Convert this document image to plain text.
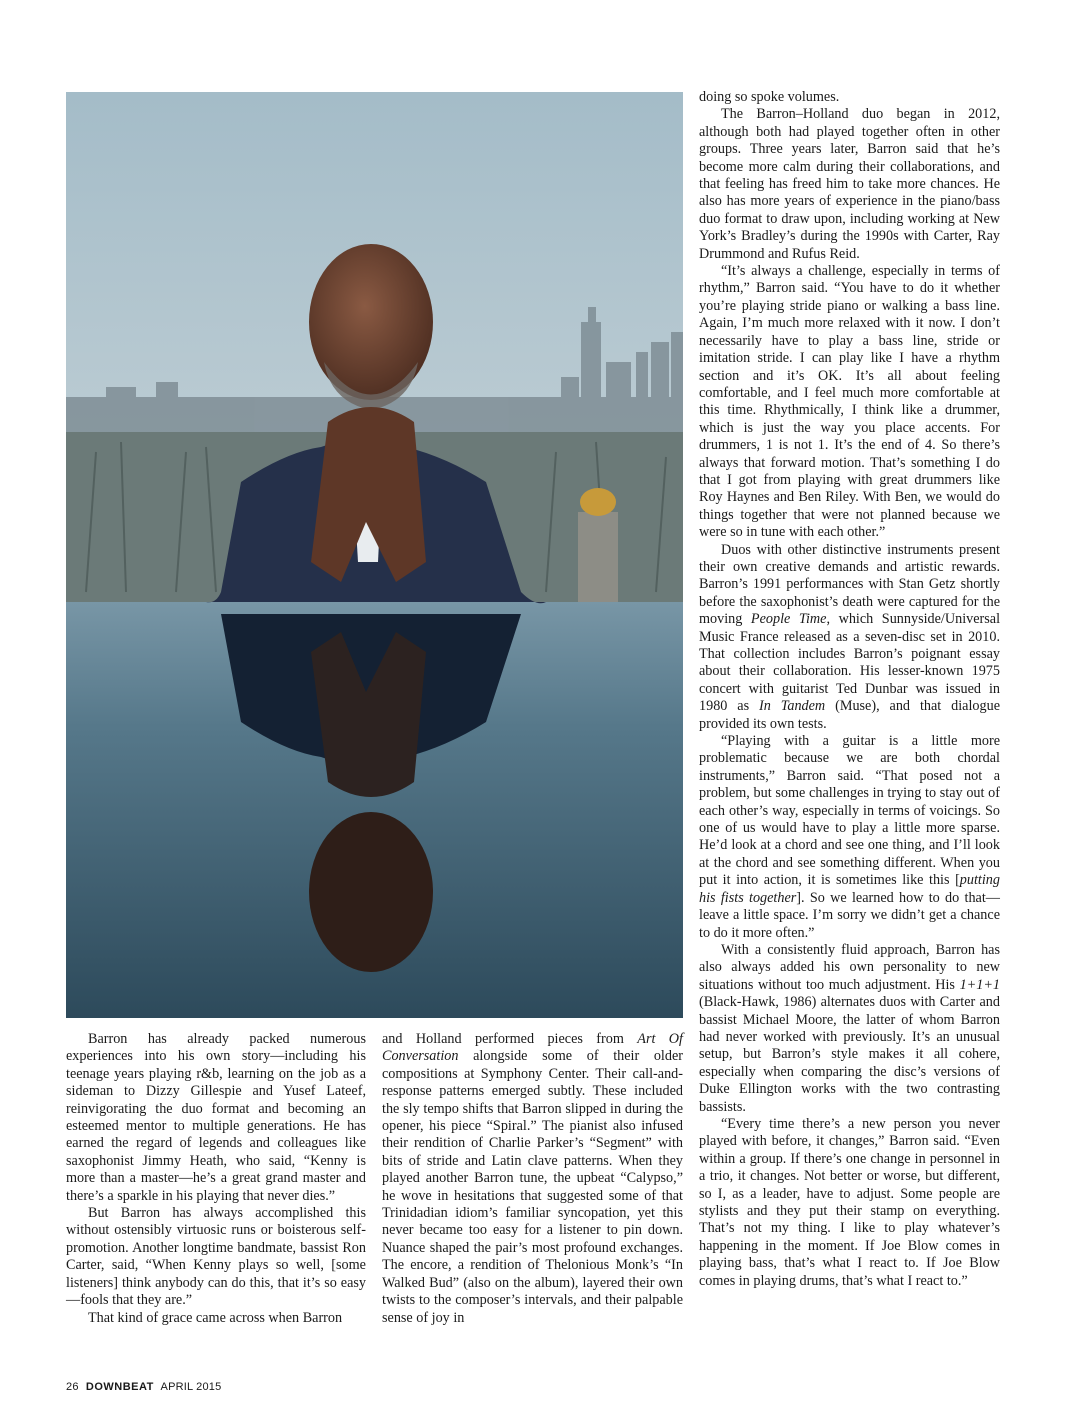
Barron has already packed numerous experiences into his own story—including his teenage years playing r&b, learning on the job as a sideman to Dizzy Gillespie and Yusef Lateef, reinvigorating the duo format and becoming an esteemed mentor to multiple generations. He has earned the regard of legends and colleagues like saxophonist Jimmy Heath, who said, “Kenny is more than a master—he’s a great grand master and there’s a sparkle in his playing that never dies.”

But Barron has always accomplished this without ostensibly virtuosic runs or boisterous self-promotion. Another longtime bandmate, bassist Ron Carter, said, “When Kenny plays so well, [some listeners] think anybody can do this, that it’s so easy—fools that they are.”

That kind of grace came across when Barron

and Holland performed pieces from Art Of Conversation alongside some of their older compositions at Symphony Center. Their call-and-response patterns emerged subtly. These included the sly tempo shifts that Barron slipped in during the opener, his piece “Spiral.” The pianist also infused their rendition of Charlie Parker’s “Segment” with bits of stride and Latin clave patterns. When they played another Barron tune, the upbeat “Calypso,” he wove in hesitations that suggested some of that Trinidadian idiom’s familiar syncopation, yet this never became too easy for a listener to pin down. Nuance shaped the pair’s most profound exchanges. The encore, a rendition of Thelonious Monk’s “In Walked Bud” (also on the album), layered their own twists to the composer’s intervals, and their palpable sense of joy in

doing so spoke volumes.

The Barron–Holland duo began in 2012, although both had played together often in other groups. Three years later, Barron said that he’s become more calm during their collaborations, and that feeling has freed him to take more chances. He also has more years of experience in the piano/bass duo format to draw upon, including working at New York’s Bradley’s during the 1990s with Carter, Ray Drummond and Rufus Reid.

“It’s always a challenge, especially in terms of rhythm,” Barron said. “You have to do it whether you’re playing stride piano or walking a bass line. Again, I’m much more relaxed with it now. I don’t necessarily have to play a bass line, stride or imitation stride. I can play like I have a rhythm section and it’s OK. It’s all about feeling comfortable, and I feel much more comfortable at this time. Rhythmically, I think like a drummer, which is just the way you place accents. For drummers, 1 is not 1. It’s the end of 4. So there’s always that forward motion. That’s something I do that I got from playing with great drummers like Roy Haynes and Ben Riley. With Ben, we would do things together that were not planned because we were so in tune with each other.”

Duos with other distinctive instruments present their own creative demands and artistic rewards. Barron’s 1991 performances with Stan Getz shortly before the saxophonist’s death were captured for the moving People Time, which Sunnyside/Universal Music France released as a seven-disc set in 2010. That collection includes Barron’s poignant essay about their collaboration. His lesser-known 1975 concert with guitarist Ted Dunbar was issued in 1980 as In Tandem (Muse), and that dialogue provided its own tests.

“Playing with a guitar is a little more problematic because we are both chordal instruments,” Barron said. “That posed not a problem, but some challenges in trying to stay out of each other’s way, especially in terms of voicings. So one of us would have to play a little more sparse. He’d look at a chord and see one thing, and I’ll look at the chord and see something different. When you put it into action, it is sometimes like this [putting his fists together]. So we learned how to do that—leave a little space. I’m sorry we didn’t get a chance to do it more often.”

With a consistently fluid approach, Barron has also always added his own personality to new situations without too much adjustment. His 1+1+1 (Black-Hawk, 1986) alternates duos with Carter and bassist Michael Moore, the latter of whom Barron had never worked with previously. It’s an unusual setup, but Barron’s style makes it all cohere, especially when comparing the disc’s versions of Duke Ellington works with the two contrasting bassists.

“Every time there’s a new person you never played with before, it changes,” Barron said. “Even within a group. If there’s one change in personnel in a trio, it changes. Not better or worse, but different, so I, as a leader, have to adjust. Some people are stylists and they put their stamp on everything. That’s not my thing. I like to play whatever’s happening in the moment. If Joe Blow comes in playing bass, that’s what I react to. If Joe Blow comes in playing drums, that’s what I react to.”

26 DOWNBEAT APRIL 2015
